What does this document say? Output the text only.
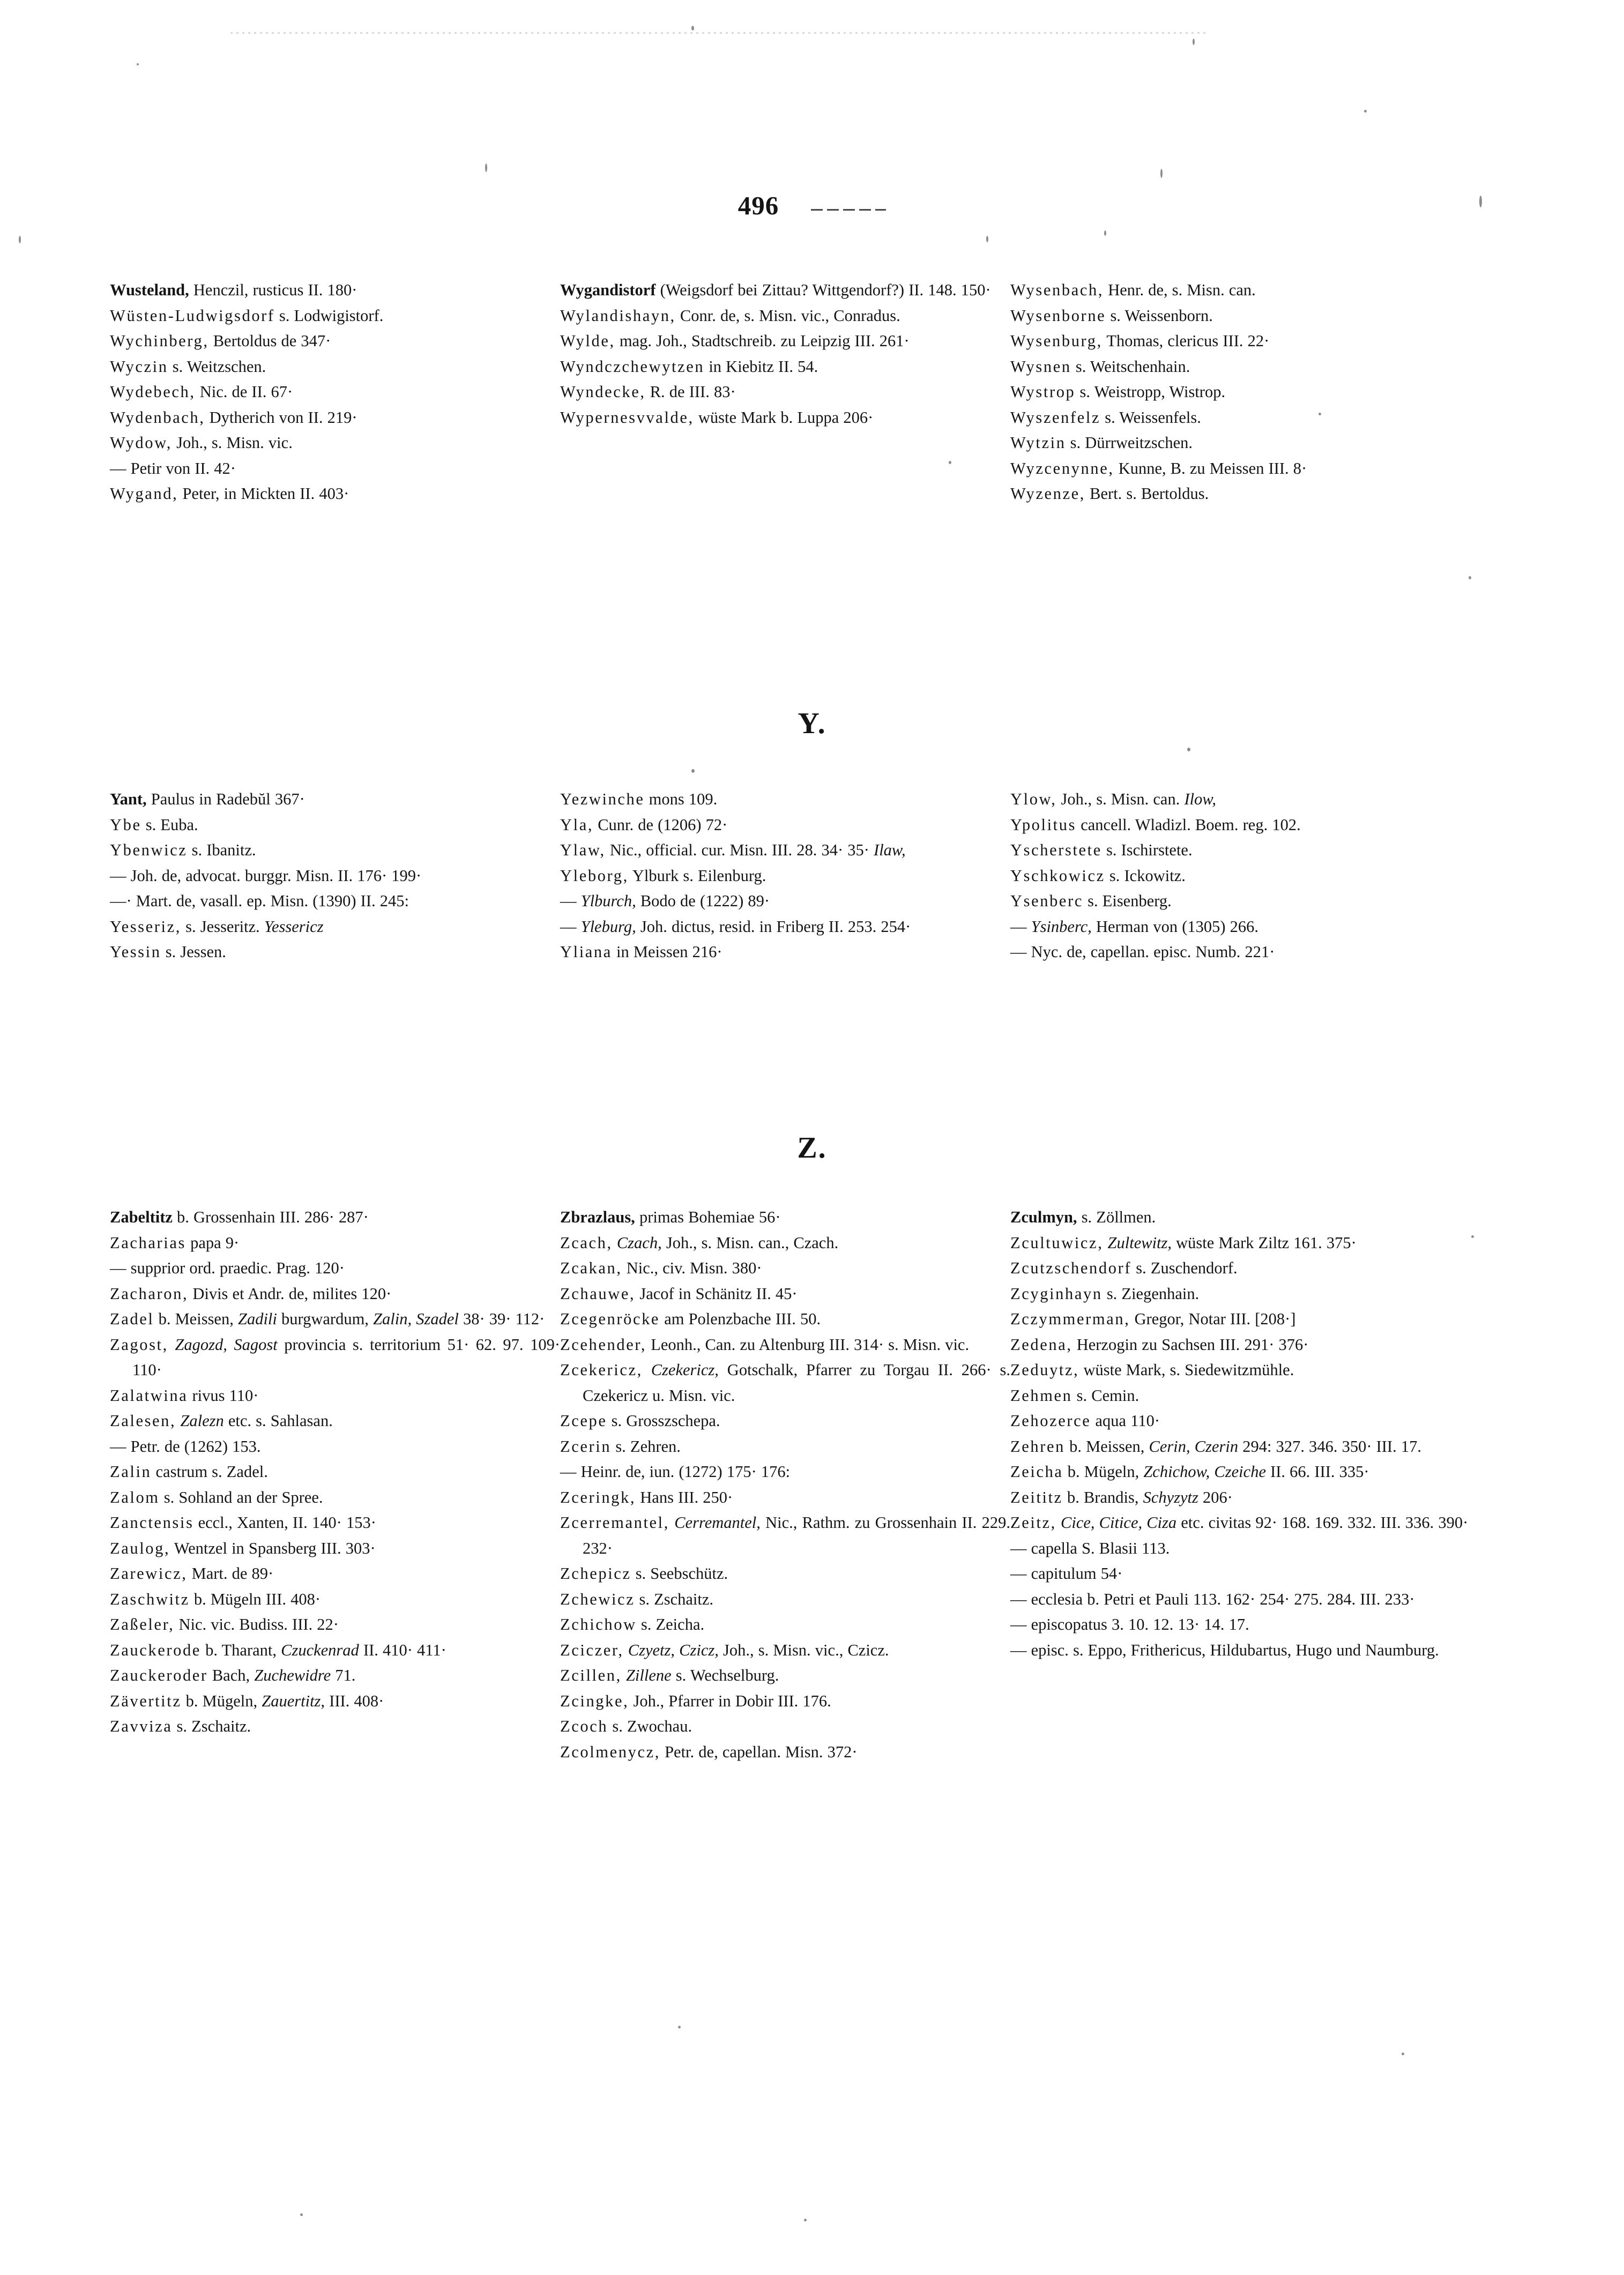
496

Wusteland, Henczil, rusticus II. 180·

Wüsten-Ludwigsdorf s. Lodwigistorf.

Wychinberg, Bertoldus de 347·

Wyczin s. Weitzschen.

Wydebech, Nic. de II. 67·

Wydenbach, Dytherich von II. 219·

Wydow, Joh., s. Misn. vic.

— Petir von II. 42·

Wygand, Peter, in Mickten II. 403·

Wygandistorf (Weigsdorf bei Zittau? Wittgendorf?) II. 148. 150·

Wylandishayn, Conr. de, s. Misn. vic., Conradus.

Wylde, mag. Joh., Stadtschreib. zu Leipzig III. 261·

Wyndczchewytzen in Kiebitz II. 54.

Wyndecke, R. de III. 83·

Wypernesvvalde, wüste Mark b. Luppa 206·

Wysenbach, Henr. de, s. Misn. can.

Wysenborne s. Weissenborn.

Wysenburg, Thomas, clericus III. 22·

Wysnen s. Weitschenhain.

Wystrop s. Weistropp, Wistrop.

Wyszenfelz s. Weissenfels.

Wytzin s. Dürrweitzschen.

Wyzcenynne, Kunne, B. zu Meissen III. 8·

Wyzenze, Bert. s. Bertoldus.

Y.

Yant, Paulus in Radebŭl 367·

Ybe s. Euba.

Ybenwicz s. Ibanitz.

— Joh. de, advocat. burggr. Misn. II. 176· 199·

—· Mart. de, vasall. ep. Misn. (1390) II. 245:

Yesseriz, s. Jesseritz. Yessericz

Yessin s. Jessen.

Yezwinche mons 109.

Yla, Cunr. de (1206) 72·

Ylaw, Nic., official. cur. Misn. III. 28. 34· 35· Ilaw,

Yleborg, Ylburk s. Eilenburg.

— Ylburch, Bodo de (1222) 89·

— Yleburg, Joh. dictus, resid. in Friberg II. 253. 254·

Yliana in Meissen 216·

Ylow, Joh., s. Misn. can. Ilow,

Ypolitus cancell. Wladizl. Boem. reg. 102.

Yscherstete s. Ischirstete.

Yschkowicz s. Ickowitz.

Ysenberc s. Eisenberg.

— Ysinberc, Herman von (1305) 266.

— Nyc. de, capellan. episc. Numb. 221·

Z.

Zabeltitz b. Grossenhain III. 286· 287·

Zacharias papa 9·

— supprior ord. praedic. Prag. 120·

Zacharon, Divis et Andr. de, milites 120·

Zadel b. Meissen, Zadili burgwardum, Zalin, Szadel 38· 39· 112·

Zagost, Zagozd, Sagost provincia s. territorium 51· 62. 97. 109· 110·

Zalatwina rivus 110·

Zalesen, Zalezn etc. s. Sahlasan.

— Petr. de (1262) 153.

Zalin castrum s. Zadel.

Zalom s. Sohland an der Spree.

Zanctensis eccl., Xanten, II. 140· 153·

Zaulog, Wentzel in Spansberg III. 303·

Zarewicz, Mart. de 89·

Zaschwitz b. Mügeln III. 408·

Zaßeler, Nic. vic. Budiss. III. 22·

Zauckerode b. Tharant, Czuckenrad II. 410· 411·

Zauckeroder Bach, Zuchewidre 71.

Zävertitz b. Mügeln, Zauertitz, III. 408·

Zavviza s. Zschaitz.

Zbrazlaus, primas Bohemiae 56·

Zcach, Czach, Joh., s. Misn. can., Czach.

Zcakan, Nic., civ. Misn. 380·

Zchauwe, Jacof in Schänitz II. 45·

Zcegenröcke am Polenzbache III. 50.

Zcehender, Leonh., Can. zu Altenburg III. 314· s. Misn. vic.

Zcekericz, Czekericz, Gotschalk, Pfarrer zu Torgau II. 266· s. Czekericz u. Misn. vic.

Zcepe s. Grosszschepa.

Zcerin s. Zehren.

— Heinr. de, iun. (1272) 175· 176:

Zceringk, Hans III. 250·

Zcerremantel, Cerremantel, Nic., Rathm. zu Grossenhain II. 229. 232·

Zchepicz s. Seebschütz.

Zchewicz s. Zschaitz.

Zchichow s. Zeicha.

Zciczer, Czyetz, Czicz, Joh., s. Misn. vic., Czicz.

Zcillen, Zillene s. Wechselburg.

Zcingke, Joh., Pfarrer in Dobir III. 176.

Zcoch s. Zwochau.

Zcolmenycz, Petr. de, capellan. Misn. 372·

Zculmyn, s. Zöllmen.

Zcultuwicz, Zultewitz, wüste Mark Ziltz 161. 375·

Zcutzschendorf s. Zuschendorf.

Zcyginhayn s. Ziegenhain.

Zczymmerman, Gregor, Notar III. [208·]

Zedena, Herzogin zu Sachsen III. 291· 376·

Zeduytz, wüste Mark, s. Siedewitzmühle.

Zehmen s. Cemin.

Zehozerce aqua 110·

Zehren b. Meissen, Cerin, Czerin 294: 327. 346. 350· III. 17.

Zeicha b. Mügeln, Zchichow, Czeiche II. 66. III. 335·

Zeititz b. Brandis, Schyzytz 206·

Zeitz, Cice, Citice, Ciza etc. civitas 92· 168. 169. 332. III. 336. 390·

— capella S. Blasii 113.

— capitulum 54·

— ecclesia b. Petri et Pauli 113. 162· 254· 275. 284. III. 233·

— episcopatus 3. 10. 12. 13· 14. 17.

— episc. s. Eppo, Frithericus, Hildubartus, Hugo und Naumburg.
